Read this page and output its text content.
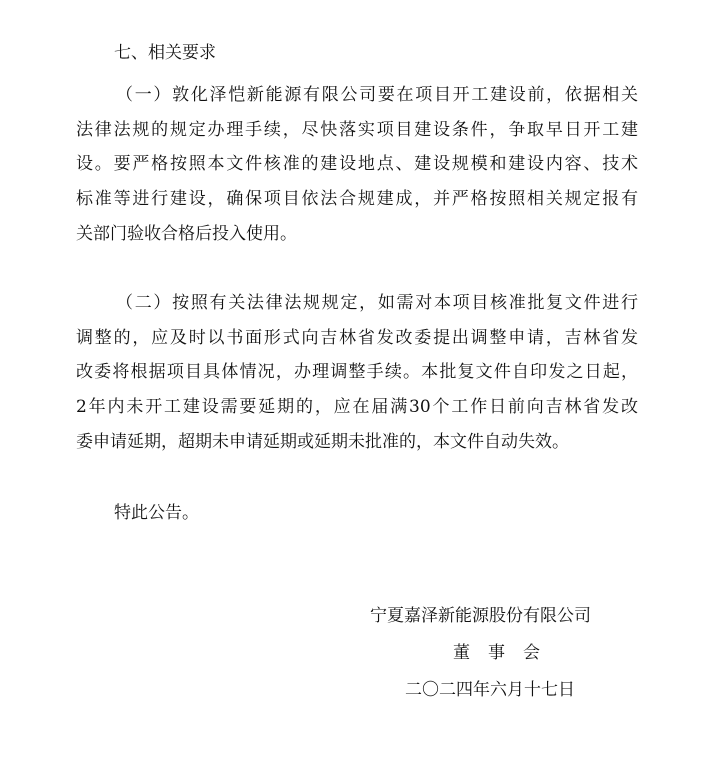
七、相关要求
（一）敦化泽恺新能源有限公司要在项目开工建设前，依据相关
法律法规的规定办理手续，尽快落实项目建设条件，争取早日开工建
设。要严格按照本文件核准的建设地点、建设规模和建设内容、技术
标准等进行建设，确保项目依法合规建成，并严格按照相关规定报有
关部门验收合格后投入使用。
（二）按照有关法律法规规定，如需对本项目核准批复文件进行
调整的，应及时以书面形式向吉林省发改委提出调整申请，吉林省发
改委将根据项目具体情况，办理调整手续。本批复文件自印发之日起，
2年内未开工建设需要延期的，应在届满30个工作日前向吉林省发改
委申请延期，超期未申请延期或延期未批准的，本文件自动失效。
特此公告。
宁夏嘉泽新能源股份有限公司
董事会
二〇二四年六月十七日
